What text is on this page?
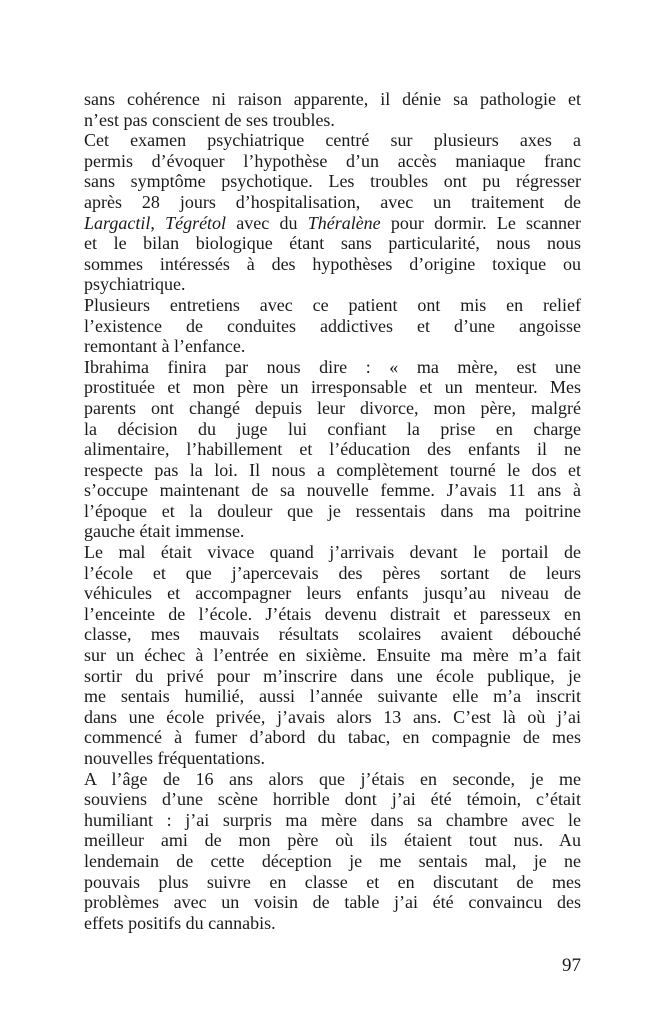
sans cohérence ni raison apparente, il dénie sa pathologie et
n’est pas conscient de ses troubles.
Cet examen psychiatrique centré sur plusieurs axes a
permis d’évoquer l’hypothèse d’un accès maniaque franc
sans symptôme psychotique. Les troubles ont pu régresser
après 28 jours d’hospitalisation, avec un traitement de
Largactil, Tégrétol avec du Théralène pour dormir. Le scanner
et le bilan biologique étant sans particularité, nous nous
sommes intéressés à des hypothèses d’origine toxique ou
psychiatrique.
Plusieurs entretiens avec ce patient ont mis en relief
l’existence de conduites addictives et d’une angoisse
remontant à l’enfance.
Ibrahima finira par nous dire : « ma mère, est une
prostituée et mon père un irresponsable et un menteur. Mes
parents ont changé depuis leur divorce, mon père, malgré
la décision du juge lui confiant la prise en charge
alimentaire, l’habillement et l’éducation des enfants il ne
respecte pas la loi. Il nous a complètement tourné le dos et
s’occupe maintenant de sa nouvelle femme. J’avais 11 ans à
l’époque et la douleur que je ressentais dans ma poitrine
gauche était immense.
Le mal était vivace quand j’arrivais devant le portail de
l’école et que j’apercevais des pères sortant de leurs
véhicules et accompagner leurs enfants jusqu’au niveau de
l’enceinte de l’école. J’étais devenu distrait et paresseux en
classe, mes mauvais résultats scolaires avaient débouché
sur un échec à l’entrée en sixième. Ensuite ma mère m’a fait
sortir du privé pour m’inscrire dans une école publique, je
me sentais humilié, aussi l’année suivante elle m’a inscrit
dans une école privée, j’avais alors 13 ans. C’est là où j’ai
commencé à fumer d’abord du tabac, en compagnie de mes
nouvelles fréquentations.
A l’âge de 16 ans alors que j’étais en seconde, je me
souviens d’une scène horrible dont j’ai été témoin, c’était
humiliant : j’ai surpris ma mère dans sa chambre avec le
meilleur ami de mon père où ils étaient tout nus. Au
lendemain de cette déception je me sentais mal, je ne
pouvais plus suivre en classe et en discutant de mes
problèmes avec un voisin de table j’ai été convaincu des
effets positifs du cannabis.
97
